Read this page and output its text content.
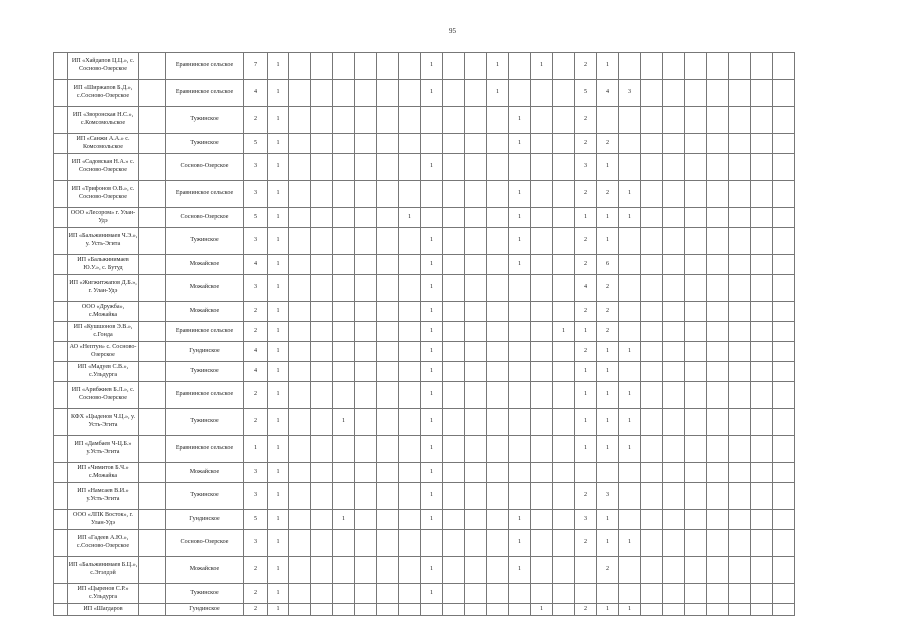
95
	ИП «Хайдапов Ц.Ц.», с. Сосново-Озерское		Еравнинское сельское	7	1							1			1		1		2	1								
	ИП «Ширжапов Б.Д.», с.Сосново-Озерское		Еравнинское сельское	4	1							1			1				5	4	3							
	ИП «Зворонская Н.С.», с.Комсомольское		Тужинское	2	1											1			2									
	ИП «Санжи А.А.» с. Комсомольское		Тужинское	5	1											1			2	2								
	ИП «Садовская Н.А.» с. Сосново-Озерское		Сосново-Озерское	3	1							1							3	1								
	ИП «Трифонов О.В.», с. Сосново-Озерское		Еравнинское сельское	3	1											1			2	2	1							
	ООО «Лесором» г. Улан-Удэ		Сосново-Озерское	5	1						1					1			1	1	1							
	ИП «Бальжинимаев Ч.Э.», у. Усть-Эгита		Тужинское	3	1							1				1			2	1								
	ИП «Бальжинимаев Ю.У.», с. Бутуд		Можайское	4	1							1				1			2	6								
	ИП «Жигжитжапов Д.Б.», г. Улан-Удэ		Можайское	3	1							1							4	2								
	ООО «Дружба», с.Можайка		Можайское	2	1							1							2	2								
	ИП «Кушшонов Э.В.», с.Гонда		Еравнинское сельское	2	1							1						1	1	2								
	АО «Нептун» с. Сосново-Озерское		Гундинское	4	1							1							2	1	1							
	ИП «Мадуев С.В.», с.Ульдурга		Тужинское	4	1							1							1	1								
	ИП «Арибжиев Б.Л.», с. Сосново-Озерское		Еравнинское сельское	2	1							1							1	1	1							
	КФХ «Цыденов Ч.Ц.», у. Усть-Эгита		Тужинское	2	1			1				1							1	1	1							
	ИП «Дамбаев Ч-Ц.Б.» у.Усть-Эгита		Еравнинское сельское	1	1							1							1	1	1							
	ИП «Чимитов Б.Ч.» с.Можайка		Можайское	3	1							1																
	ИП «Намсаев В.И.» у.Усть-Эгита		Тужинское	3	1							1							2	3								
	ООО «ЛПК Восток», г. Улан-Удэ		Гундинское	5	1			1				1				1			3	1								
	ИП «Гадеев А.Ю.», с.Сосново-Озерское		Сосново-Озерское	3	1											1			2	1	1							
	ИП «Бальжинимаев Б.Ц.», с.Эгэлдэй		Можайское	2	1							1				1				2								
	ИП «Цыренов С.Р.» с.Ульдурга		Тужинское	2	1							1																
	ИП «Шагдаров		Гундинское	2	1												1		2	1	1							
